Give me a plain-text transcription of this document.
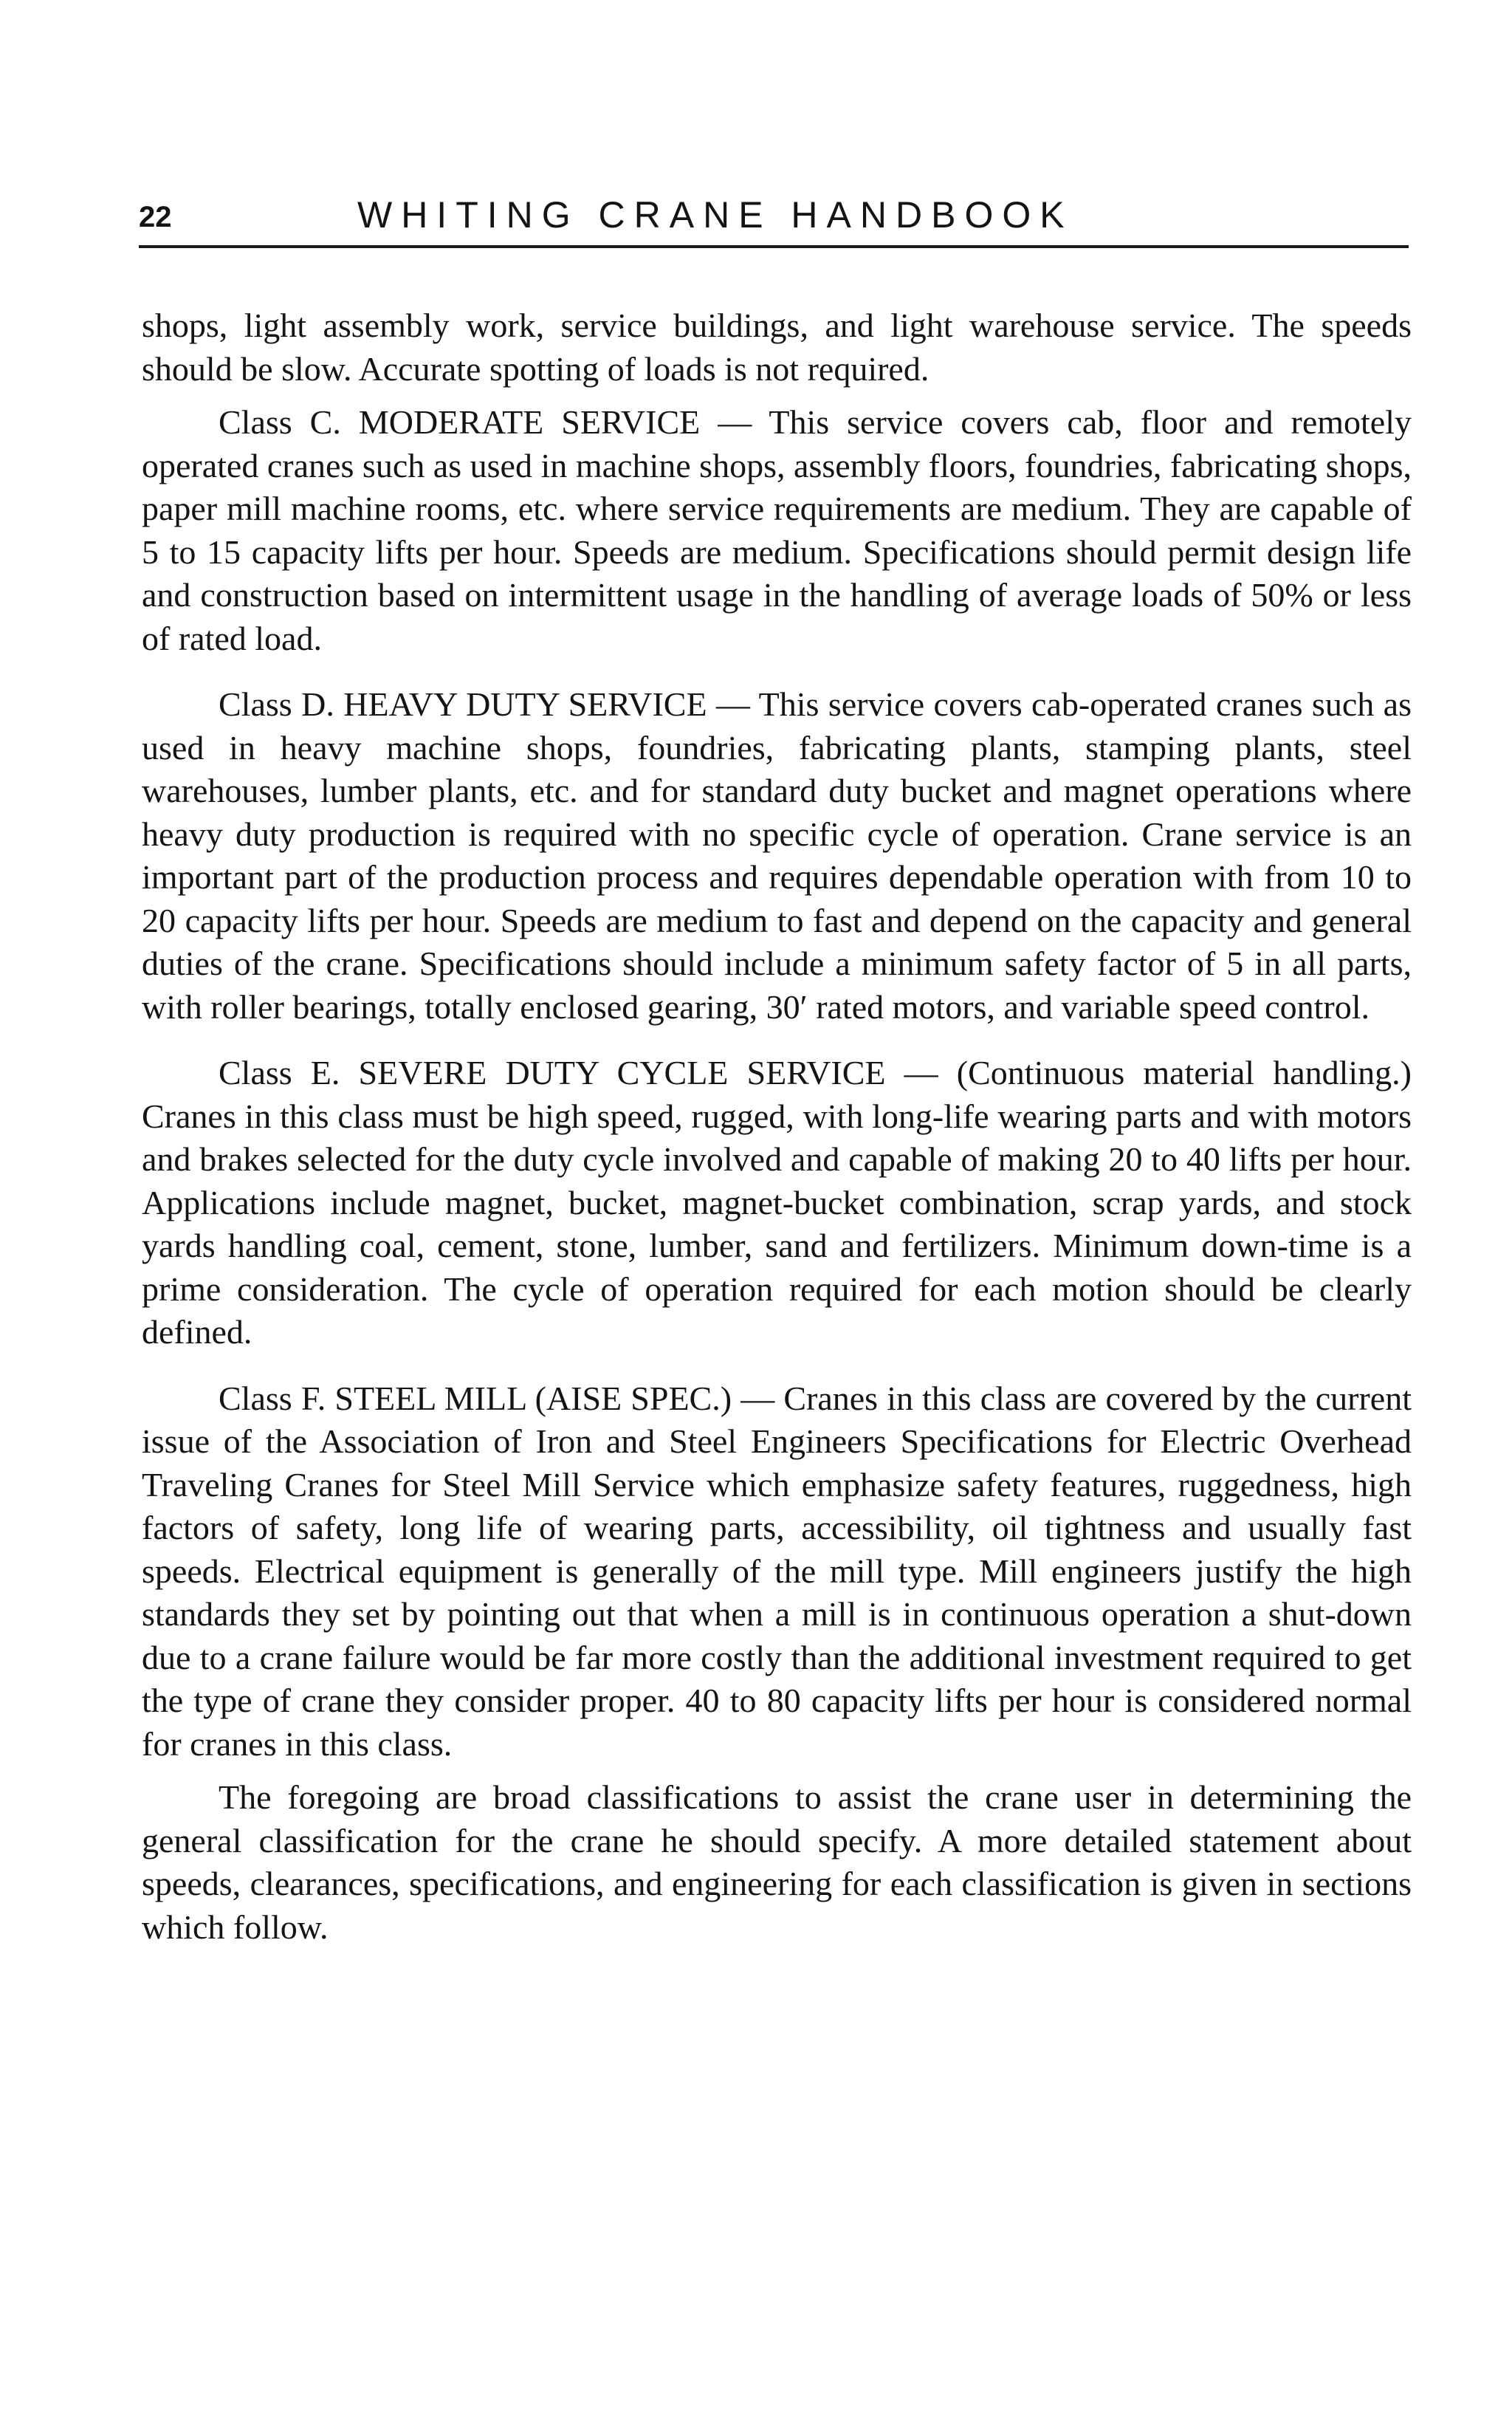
22	WHITING CRANE HANDBOOK

shops, light assembly work, service buildings, and light warehouse service. The speeds should be slow. Accurate spotting of loads is not required.

Class C. MODERATE SERVICE — This service covers cab, floor and remotely operated cranes such as used in machine shops, assembly floors, foundries, fabricating shops, paper mill machine rooms, etc. where service requirements are medium. They are capable of 5 to 15 capacity lifts per hour. Speeds are medium. Specifications should permit design life and construction based on intermittent usage in the handling of average loads of 50% or less of rated load.

Class D. HEAVY DUTY SERVICE — This service covers cab-operated cranes such as used in heavy machine shops, foundries, fabricating plants, stamping plants, steel warehouses, lumber plants, etc. and for standard duty bucket and magnet operations where heavy duty production is required with no specific cycle of operation. Crane service is an important part of the production process and requires dependable operation with from 10 to 20 capacity lifts per hour. Speeds are medium to fast and depend on the capacity and general duties of the crane. Specifications should include a minimum safety factor of 5 in all parts, with roller bearings, totally enclosed gearing, 30′ rated motors, and variable speed control.

Class E. SEVERE DUTY CYCLE SERVICE — (Continuous material handling.) Cranes in this class must be high speed, rugged, with long-life wearing parts and with motors and brakes selected for the duty cycle involved and capable of making 20 to 40 lifts per hour. Applications include magnet, bucket, magnet-bucket combination, scrap yards, and stock yards handling coal, cement, stone, lumber, sand and fertilizers. Minimum down-time is a prime consideration. The cycle of operation required for each motion should be clearly defined.

Class F. STEEL MILL (AISE SPEC.) — Cranes in this class are covered by the current issue of the Association of Iron and Steel Engineers Specifications for Electric Overhead Traveling Cranes for Steel Mill Service which emphasize safety features, ruggedness, high factors of safety, long life of wearing parts, accessibility, oil tightness and usually fast speeds. Electrical equipment is generally of the mill type. Mill engineers justify the high standards they set by pointing out that when a mill is in continuous operation a shut-down due to a crane failure would be far more costly than the additional investment required to get the type of crane they consider proper. 40 to 80 capacity lifts per hour is considered normal for cranes in this class.

The foregoing are broad classifications to assist the crane user in determining the general classification for the crane he should specify. A more detailed statement about speeds, clearances, specifications, and engineering for each classification is given in sections which follow.
